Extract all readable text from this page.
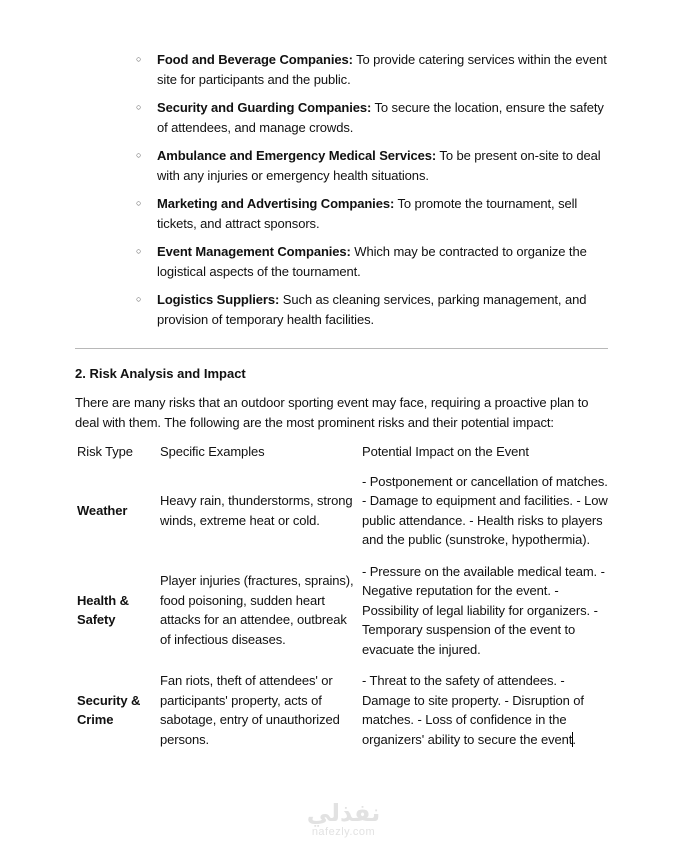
○ Food and Beverage Companies: To provide catering services within the event site for participants and the public.
○ Security and Guarding Companies: To secure the location, ensure the safety of attendees, and manage crowds.
○ Ambulance and Emergency Medical Services: To be present on-site to deal with any injuries or emergency health situations.
○ Marketing and Advertising Companies: To promote the tournament, sell tickets, and attract sponsors.
○ Event Management Companies: Which may be contracted to organize the logistical aspects of the tournament.
○ Logistics Suppliers: Such as cleaning services, parking management, and provision of temporary health facilities.
2. Risk Analysis and Impact
There are many risks that an outdoor sporting event may face, requiring a proactive plan to deal with them. The following are the most prominent risks and their potential impact:
Risk Type	Specific Examples	Potential Impact on the Event
Weather	Heavy rain, thunderstorms, strong winds, extreme heat or cold.	- Postponement or cancellation of matches. - Damage to equipment and facilities. - Low public attendance. - Health risks to players and the public (sunstroke, hypothermia).
Health & Safety	Player injuries (fractures, sprains), food poisoning, sudden heart attacks for an attendee, outbreak of infectious diseases.	- Pressure on the available medical team. - Negative reputation for the event. - Possibility of legal liability for organizers. - Temporary suspension of the event to evacuate the injured.
Security & Crime	Fan riots, theft of attendees' or participants' property, acts of sabotage, entry of unauthorized persons.	- Threat to the safety of attendees. - Damage to site property. - Disruption of matches. - Loss of confidence in the organizers' ability to secure the event.
نفذلي
nafezly.com
